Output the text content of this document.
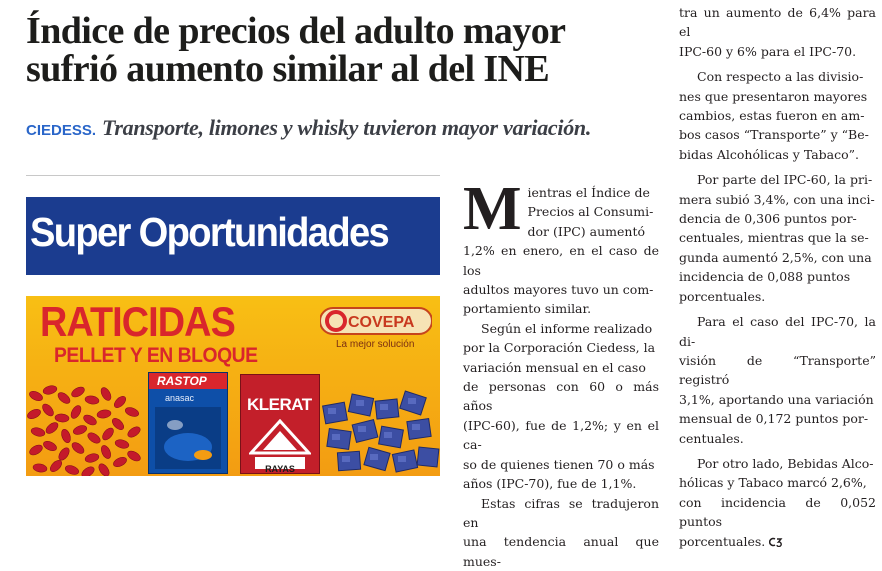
Índice de precios del adulto mayor
sufrió aumento similar al del INE
CIEDESS. Transporte, limones y whisky tuvieron mayor variación.
Super Oportunidades
RATICIDAS
PELLET Y EN BLOQUE
COVEPA
La mejor solución
RASTOP
anasac	KLERAT
RAYAS

M ientras el Índice de
Precios al Consumi-
dor (IPC) aumentó
1,2% en enero, en el caso de los
adultos mayores tuvo un com-
portamiento similar.

Según el informe realizado
por la Corporación Ciedess, la
variación mensual en el caso
de personas con 60 o más años
(IPC-60), fue de 1,2%; y en el ca-
so de quienes tienen 70 o más
años (IPC-70), fue de 1,1%.

Estas cifras se tradujeron en
una tendencia anual que mues-

tra un aumento de 6,4% para el
IPC-60 y 6% para el IPC-70.

Con respecto a las divisio-
nes que presentaron mayores
cambios, estas fueron en am-
bos casos “Transporte” y “Be-
bidas Alcohólicas y Tabaco”.

Por parte del IPC-60, la pri-
mera subió 3,4%, con una inci-
dencia de 0,306 puntos por-
centuales, mientras que la se-
gunda aumentó 2,5%, con una
incidencia de 0,088 puntos
porcentuales.

Para el caso del IPC-70, la di-
visión de “Transporte” registró
3,1%, aportando una variación
mensual de 0,172 puntos por-
centuales.

Por otro lado, Bebidas Alco-
hólicas y Tabaco marcó 2,6%,
con incidencia de 0,052 puntos
porcentuales.
